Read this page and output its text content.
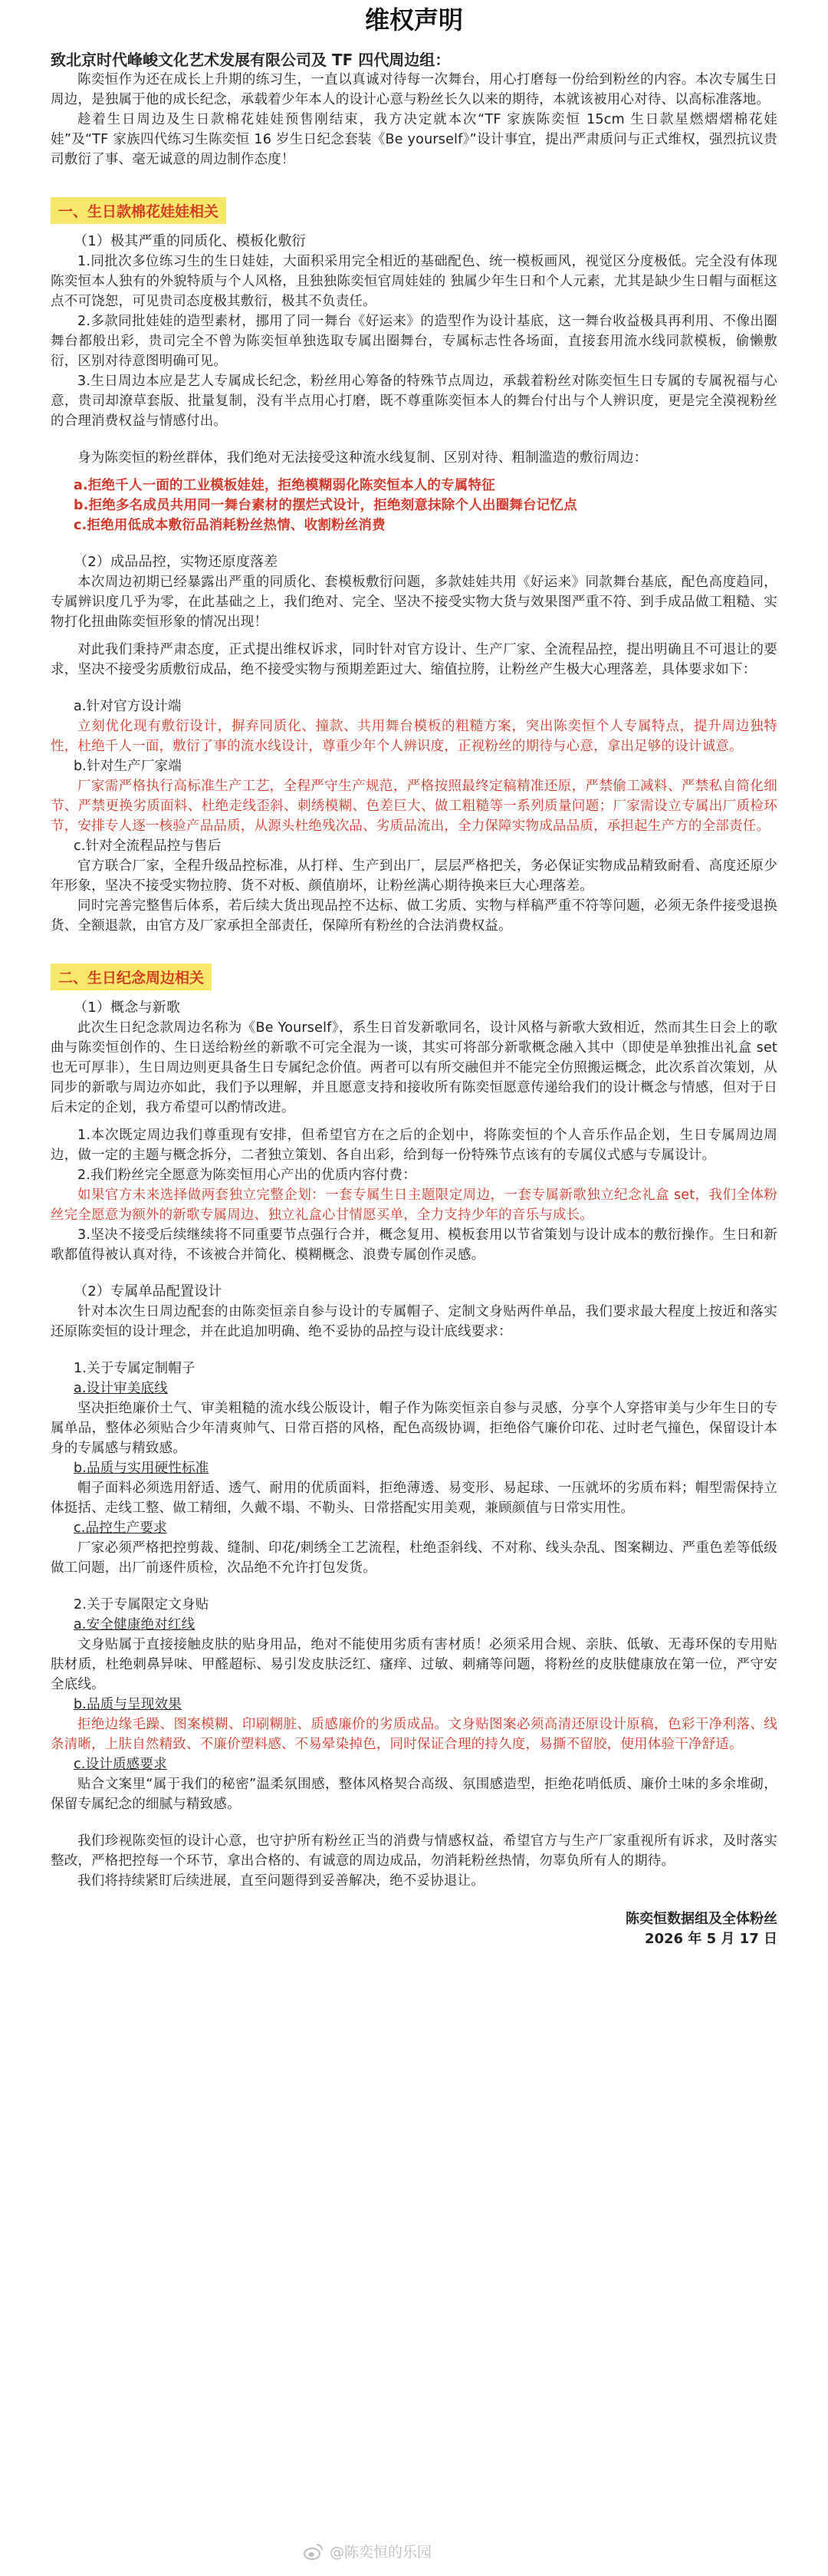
维权声明
致北京时代峰峻文化艺术发展有限公司及 TF 四代周边组：

陈奕恒作为还在成长上升期的练习生，一直以真诚对待每一次舞台，用心打磨每一份给到粉丝的内容。本次专属生日周边，是独属于他的成长纪念，承载着少年本人的设计心意与粉丝长久以来的期待，本就该被用心对待、以高标准落地。

趁着生日周边及生日款棉花娃娃预售刚结束，我方决定就本次“TF 家族陈奕恒 15cm 生日款星燃熠熠棉花娃娃”及“TF 家族四代练习生陈奕恒 16 岁生日纪念套装《Be yourself》”设计事宜，提出严肃质问与正式维权，强烈抗议贵司敷衍了事、毫无诚意的周边制作态度！

一、生日款棉花娃娃相关

（1）极其严重的同质化、模板化敷衍

1.同批次多位练习生的生日娃娃，大面积采用完全相近的基础配色、统一模板画风，视觉区分度极低。完全没有体现陈奕恒本人独有的外貌特质与个人风格，且独独陈奕恒官周娃娃的 独属少年生日和个人元素，尤其是缺少生日帽与面框这点不可饶恕，可见贵司态度极其敷衍，极其不负责任。

2.多款同批娃娃的造型素材，挪用了同一舞台《好运来》的造型作为设计基底，这一舞台收益极具再利用、不像出圈舞台都般出彩，贵司完全不曾为陈奕恒单独选取专属出圈舞台，专属标志性各场面，直接套用流水线同款模板，偷懒敷衍，区别对待意图明确可见。

3.生日周边本应是艺人专属成长纪念，粉丝用心筹备的特殊节点周边，承载着粉丝对陈奕恒生日专属的专属祝福与心意，贵司却潦草套版、批量复制，没有半点用心打磨，既不尊重陈奕恒本人的舞台付出与个人辨识度，更是完全漠视粉丝的合理消费权益与情感付出。

身为陈奕恒的粉丝群体，我们绝对无法接受这种流水线复制、区别对待、粗制滥造的敷衍周边：

a.拒绝千人一面的工业模板娃娃，拒绝模糊弱化陈奕恒本人的专属特征

b.拒绝多名成员共用同一舞台素材的摆烂式设计，拒绝刻意抹除个人出圈舞台记忆点

c.拒绝用低成本敷衍品消耗粉丝热情、收割粉丝消费

（2）成品品控，实物还原度落差

本次周边初期已经暴露出严重的同质化、套模板敷衍问题，多款娃娃共用《好运来》同款舞台基底，配色高度趋同，专属辨识度几乎为零，在此基础之上，我们绝对、完全、坚决不接受实物大货与效果图严重不符、到手成品做工粗糙、实物打化扭曲陈奕恒形象的情况出现！

对此我们秉持严肃态度，正式提出维权诉求，同时针对官方设计、生产厂家、全流程品控，提出明确且不可退让的要求，坚决不接受劣质敷衍成品，绝不接受实物与预期差距过大、缩值拉胯，让粉丝产生极大心理落差，具体要求如下：

a.针对官方设计端

立刻优化现有敷衍设计，摒弃同质化、撞款、共用舞台模板的粗糙方案，突出陈奕恒个人专属特点，提升周边独特性，杜绝千人一面，敷衍了事的流水线设计，尊重少年个人辨识度，正视粉丝的期待与心意，拿出足够的设计诚意。

b.针对生产厂家端

厂家需严格执行高标准生产工艺，全程严守生产规范，严格按照最终定稿精准还原，严禁偷工减料、严禁私自简化细节、严禁更换劣质面料、杜绝走线歪斜、刺绣模糊、色差巨大、做工粗糙等一系列质量问题；厂家需设立专属出厂质检环节，安排专人逐一核验产品品质，从源头杜绝残次品、劣质品流出，全力保障实物成品品质，承担起生产方的全部责任。

c.针对全流程品控与售后

官方联合厂家，全程升级品控标准，从打样、生产到出厂，层层严格把关，务必保证实物成品精致耐看、高度还原少年形象，坚决不接受实物拉胯、货不对板、颜值崩坏，让粉丝满心期待换来巨大心理落差。

同时完善完整售后体系，若后续大货出现品控不达标、做工劣质、实物与样稿严重不符等问题，必须无条件接受退换货、全额退款，由官方及厂家承担全部责任，保障所有粉丝的合法消费权益。

二、生日纪念周边相关

（1）概念与新歌

此次生日纪念款周边名称为《Be Yourself》，系生日首发新歌同名，设计风格与新歌大致相近，然而其生日会上的歌曲与陈奕恒创作的、生日送给粉丝的新歌不可完全混为一谈，其实可将部分新歌概念融入其中（即使是单独推出礼盒 set 也无可厚非），生日周边则更具备生日专属纪念价值。两者可以有所交融但并不能完全仿照搬运概念，此次系首次策划，从同步的新歌与周边亦如此，我们予以理解，并且愿意支持和接收所有陈奕恒愿意传递给我们的设计概念与情感，但对于日后未定的企划，我方希望可以酌情改进。

1.本次既定周边我们尊重现有安排，但希望官方在之后的企划中，将陈奕恒的个人音乐作品企划，生日专属周边周边，做一定的主题与概念拆分，二者独立策划、各自出彩，给到每一份特殊节点该有的专属仪式感与专属设计。

2.我们粉丝完全愿意为陈奕恒用心产出的优质内容付费：

如果官方未来选择做两套独立完整企划：一套专属生日主题限定周边，一套专属新歌独立纪念礼盒 set，我们全体粉丝完全愿意为额外的新歌专属周边、独立礼盒心甘情愿买单，全力支持少年的音乐与成长。

3.坚决不接受后续继续将不同重要节点强行合并，概念复用、模板套用以节省策划与设计成本的敷衍操作。生日和新歌都值得被认真对待，不该被合并简化、模糊概念、浪费专属创作灵感。

（2）专属单品配置设计

针对本次生日周边配套的由陈奕恒亲自参与设计的专属帽子、定制文身贴两件单品，我们要求最大程度上按近和落实还原陈奕恒的设计理念，并在此追加明确、绝不妥协的品控与设计底线要求：

1.关于专属定制帽子

a.设计审美底线

坚决拒绝廉价土气、审美粗糙的流水线公版设计，帽子作为陈奕恒亲自参与灵感，分享个人穿搭审美与少年生日的专属单品，整体必须贴合少年清爽帅气、日常百搭的风格，配色高级协调，拒绝俗气廉价印花、过时老气撞色，保留设计本身的专属感与精致感。

b.品质与实用硬性标准

帽子面料必须选用舒适、透气、耐用的优质面料，拒绝薄透、易变形、易起球、一压就坏的劣质布料；帽型需保持立体挺括、走线工整、做工精细，久戴不塌、不勒头、日常搭配实用美观，兼顾颜值与日常实用性。

c.品控生产要求

厂家必须严格把控剪裁、缝制、印花/刺绣全工艺流程，杜绝歪斜线、不对称、线头杂乱、图案糊边、严重色差等低级做工问题，出厂前逐件质检，次品绝不允许打包发货。

2.关于专属限定文身贴

a.安全健康绝对红线

文身贴属于直接接触皮肤的贴身用品，绝对不能使用劣质有害材质！必须采用合规、亲肤、低敏、无毒环保的专用贴肤材质，杜绝刺鼻异味、甲醛超标、易引发皮肤泛红、瘙痒、过敏、刺痛等问题，将粉丝的皮肤健康放在第一位，严守安全底线。

b.品质与呈现效果

拒绝边缘毛躁、图案模糊、印刷糊脏、质感廉价的劣质成品。文身贴图案必须高清还原设计原稿，色彩干净利落、线条清晰，上肤自然精致、不廉价塑料感、不易晕染掉色，同时保证合理的持久度，易撕不留胶，使用体验干净舒适。

c.设计质感要求

贴合文案里“属于我们的秘密”温柔氛围感，整体风格契合高级、氛围感造型，拒绝花哨低质、廉价土味的多余堆砌，保留专属纪念的细腻与精致感。

我们珍视陈奕恒的设计心意，也守护所有粉丝正当的消费与情感权益，希望官方与生产厂家重视所有诉求，及时落实整改，严格把控每一个环节，拿出合格的、有诚意的周边成品，勿消耗粉丝热情，勿辜负所有人的期待。

我们将持续紧盯后续进展，直至问题得到妥善解决，绝不妥协退让。

陈奕恒数据组及全体粉丝
2026 年 5 月 17 日
@陈奕恒的乐园
